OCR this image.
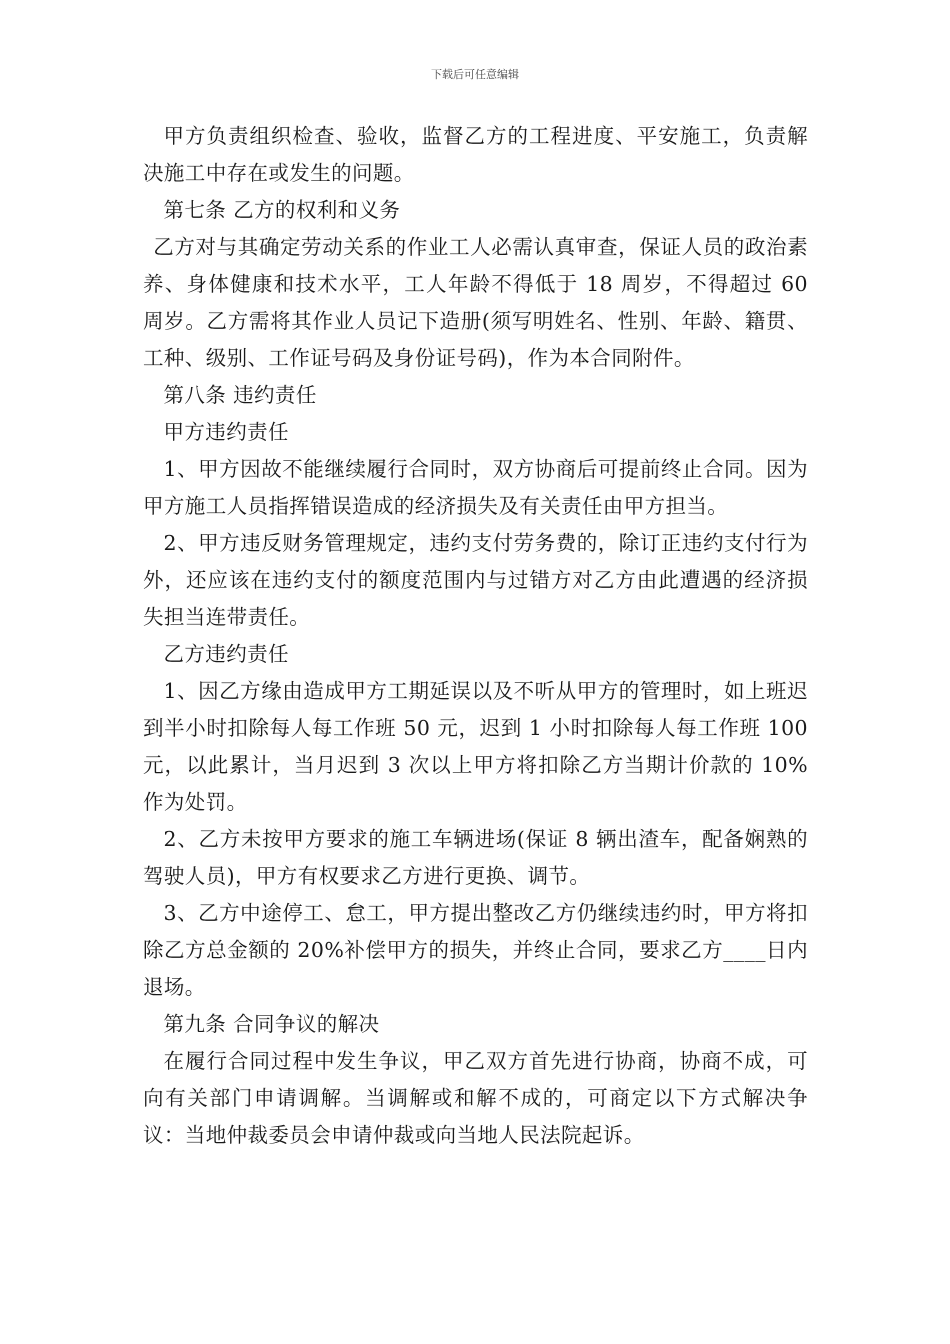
下载后可任意编辑

甲方负责组织检查、验收，监督乙方的工程进度、平安施工，负责解决施工中存在或发生的问题。

第七条 乙方的权利和义务

乙方对与其确定劳动关系的作业工人必需认真审查，保证人员的政治素养、身体健康和技术水平，工人年龄不得低于 18 周岁，不得超过 60 周岁。乙方需将其作业人员记下造册(须写明姓名、性别、年龄、籍贯、工种、级别、工作证号码及身份证号码)，作为本合同附件。

第八条 违约责任

甲方违约责任

1、甲方因故不能继续履行合同时，双方协商后可提前终止合同。因为甲方施工人员指挥错误造成的经济损失及有关责任由甲方担当。

2、甲方违反财务管理规定，违约支付劳务费的，除订正违约支付行为外，还应该在违约支付的额度范围内与过错方对乙方由此遭遇的经济损失担当连带责任。

乙方违约责任

1、因乙方缘由造成甲方工期延误以及不听从甲方的管理时，如上班迟到半小时扣除每人每工作班 50 元，迟到 1 小时扣除每人每工作班 100 元，以此累计，当月迟到 3 次以上甲方将扣除乙方当期计价款的 10%作为处罚。

2、乙方未按甲方要求的施工车辆进场(保证 8 辆出渣车，配备娴熟的驾驶人员)，甲方有权要求乙方进行更换、调节。

3、乙方中途停工、怠工，甲方提出整改乙方仍继续违约时，甲方将扣除乙方总金额的 20%补偿甲方的损失，并终止合同，要求乙方____日内退场。

第九条 合同争议的解决

在履行合同过程中发生争议，甲乙双方首先进行协商，协商不成，可向有关部门申请调解。当调解或和解不成的，可商定以下方式解决争议：当地仲裁委员会申请仲裁或向当地人民法院起诉。
